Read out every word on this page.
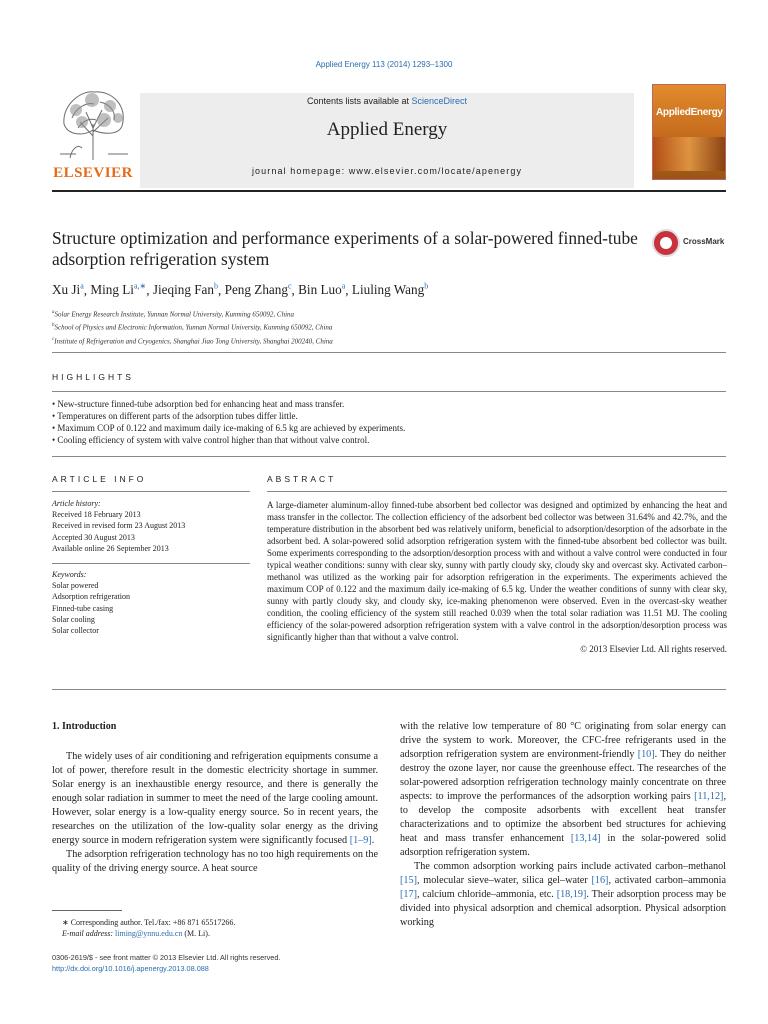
Applied Energy 113 (2014) 1293–1300
ELSEVIER
Contents lists available at ScienceDirect
Applied Energy
journal homepage: www.elsevier.com/locate/apenergy
AppliedEnergy
Structure optimization and performance experiments of a solar-powered finned-tube adsorption refrigeration system
CrossMark
Xu Ji$^a$, Ming $Li^{a,∗}$, Jieqing Fan$^b$, Peng Zhang$^c$, Bin Luo$^a$, Liuling Wang$^b$
$^a$Solar Energy Research Institute, Yunnan Normal University, Kunming 650092, China
$^b$School of Physics and Electronic Information, Yunnan Normal University, Kunming 650092, China
$^c$Institute of Refrigeration and Cryogenics, Shanghai Jiao Tong University, Shanghai 200240, China
HIGHLIGHTS
• New-structure finned-tube adsorption bed for enhancing heat and mass transfer.
• Temperatures on different parts of the adsorption tubes differ little.
• Maximum COP of 0.122 and maximum daily ice-making of 6.5 kg are achieved by experiments.
• Cooling efficiency of system with valve control higher than that without valve control.
ARTICLE INFO
Article history:
Received 18 February 2013
Received in revised form 23 August 2013
Accepted 30 August 2013
Available online 26 September 2013
Keywords:
Solar powered
Adsorption refrigeration
Finned-tube casing
Solar cooling
Solar collector
ABSTRACT
A large-diameter aluminum-alloy finned-tube absorbent bed collector was designed and optimized by enhancing the heat and mass transfer in the collector. The collection efficiency of the adsorbent bed collector was between 31.64% and 42.7%, and the temperature distribution in the absorbent bed was relatively uniform, beneficial to adsorption/desorption of the adsorbate in the adsorbent bed. A solar-powered solid adsorption refrigeration system with the finned-tube absorbent bed collector was built. Some experiments corresponding to the adsorption/desorption process with and without a valve control were conducted in four typical weather conditions: sunny with clear sky, sunny with partly cloudy sky, cloudy sky and overcast sky. Activated carbon–methanol was utilized as the working pair for adsorption refrigeration in the experiments. The experiments achieved the maximum COP of 0.122 and the maximum daily ice-making of 6.5 kg. Under the weather conditions of sunny with clear sky, sunny with partly cloudy sky, and cloudy sky, ice-making phenomenon were observed. Even in the overcast-sky weather condition, the cooling efficiency of the system still reached 0.039 when the total solar radiation was 11.51 MJ. The cooling efficiency of the solar-powered adsorption refrigeration system with a valve control in the adsorption/desorption process was significantly higher than that without a valve control.
© 2013 Elsevier Ltd. All rights reserved.
1. Introduction

The widely uses of air conditioning and refrigeration equipments consume a lot of power, therefore result in the domestic electricity shortage in summer. Solar energy is an inexhaustible energy resource, and there is generally the enough solar radiation in summer to meet the need of the large cooling amount. However, solar energy is a low-quality energy source. So in recent years, the researches on the utilization of the low-quality solar energy as the driving energy source in modern refrigeration system were significantly focused [1–9].

The adsorption refrigeration technology has no too high requirements on the quality of the driving energy source. A heat source

with the relative low temperature of 80 °C originating from solar energy can drive the system to work. Moreover, the CFC-free refrigerants used in the adsorption refrigeration system are environment-friendly [10]. They do neither destroy the ozone layer, nor cause the greenhouse effect. The researches of the solar-powered adsorption refrigeration technology mainly concentrate on three aspects: to improve the performances of the adsorption working pairs [11,12], to develop the composite adsorbents with excellent heat transfer characterizations and to optimize the absorbent bed structures for achieving heat and mass transfer enhancement [13,14] in the solar-powered solid adsorption refrigeration system.

The common adsorption working pairs include activated carbon–methanol [15], molecular sieve–water, silica gel–water [16], activated carbon–ammonia [17], calcium chloride–ammonia, etc. [18,19]. Their adsorption process may be divided into physical adsorption and chemical adsorption. Physical adsorption working

∗ Corresponding author. Tel./fax: +86 871 65517266.
E-mail address: liming@ynnu.edu.cn (M. Li).
0306-2619/$ - see front matter © 2013 Elsevier Ltd. All rights reserved.
http://dx.doi.org/10.1016/j.apenergy.2013.08.088
